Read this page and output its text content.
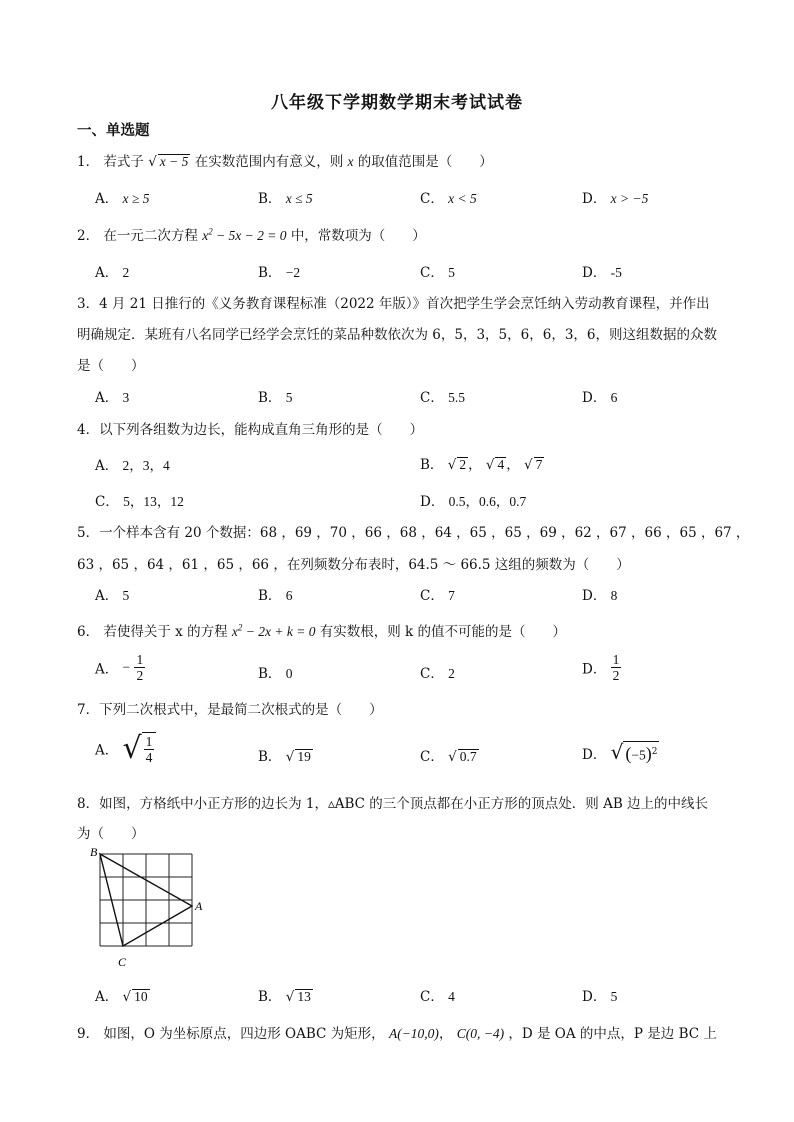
八年级下学期数学期末考试试卷
一、单选题
1． 若式子 √ x − 5 在实数范围内有意义，则 x 的取值范围是（　　）
A． x ≥ 5	B． x ≤ 5	C． x < 5	D． x > −5
2． 在一元二次方程 $x^2 - 5x - 2 = 0$ 中，常数项为（　　）
A． 2	B． −2	C． 5	D． -5
3．4 月 21 日推行的《义务教育课程标准（2022 年版）》首次把学生学会烹饪纳入劳动教育课程，并作出
明确规定．某班有八名同学已经学会烹饪的菜品种数依次为 6，5，3，5，6，6，3，6，则这组数据的众数
是（　　）
A． 3	B． 5	C． 5.5	D． 6
4．以下列各组数为边长，能构成直角三角形的是（　　）
A． 2，3，4	B． √ 2 ， √ 4 ， √ 7
C． 5，13，12	D． 0.5，0.6，0.7
5．一个样本含有 20 个数据：68 ，69 ，70 ，66 ，68 ，64 ，65 ，65 ，69 ，62 ，67 ，66 ，65 ，67 ，
63 ，65 ，64 ，61 ，65 ，66 ，在列频数分布表时，64.5 ～ 66.5 这组的频数为（　　）
A． 5	B． 6	C． 7	D． 8
6． 若使得关于 x 的方程 $x^2 - 2x + k = 0$ 有实数根，则 k 的值不可能的是（　　）
A． − $\frac{1}{2}$	B． 0	C． 2	D． $\frac{1}{2}$
7．下列二次根式中，是最简二次根式的是（　　）
A． √ $\frac{1}{4}$	B． √ 19	C． √ 0.7	D． √ $(-5)^2$
8．如图，方格纸中小正方形的边长为 1，▵ABC 的三个顶点都在小正方形的顶点处．则 AB 边上的中线长
为（　　）
B
A
C
A． √ 10	B． √ 13	C． 4	D． 5
9． 如图，O 为坐标原点，四边形 OABC 为矩形， A(−10,0)， C(0, −4) ，D 是 OA 的中点，P 是边 BC 上
